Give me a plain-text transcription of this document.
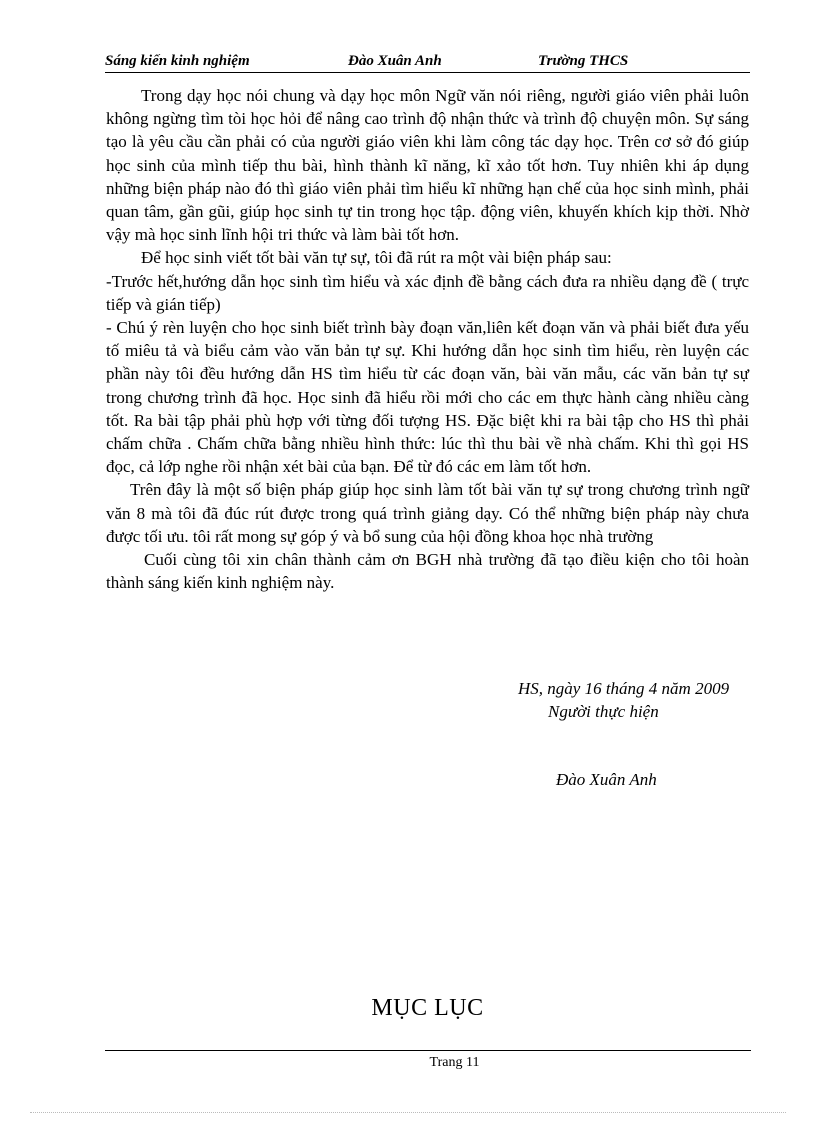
Sáng kiến kinh nghiệm	Đào Xuân Anh	Trường THCS

Trong dạy học nói chung và dạy học môn Ngữ văn nói riêng, người giáo viên phải luôn không ngừng tìm tòi học hỏi để nâng cao trình độ nhận thức và trình độ chuyện môn. Sự sáng tạo là yêu cầu cần phải có của người giáo viên khi làm công tác dạy học. Trên cơ sở đó giúp học sinh của mình tiếp thu bài, hình thành kĩ năng, kĩ xảo tốt hơn. Tuy nhiên khi áp dụng những biện pháp nào đó thì giáo viên phải tìm hiểu kĩ những hạn chế của học sinh mình, phải quan tâm, gần gũi, giúp học sinh tự tin trong học tập. động viên, khuyến khích kịp thời. Nhờ vậy mà học sinh lĩnh hội tri thức và làm bài tốt hơn.

Để học sinh viết tốt bài văn tự sự, tôi đã rút ra một vài biện pháp sau:

-Trước hết,hướng dẫn học sinh tìm hiểu và xác định đề bằng cách đưa ra nhiều dạng đề ( trực tiếp và gián tiếp)

- Chú ý rèn luyện cho học sinh biết trình bày đoạn văn,liên kết đoạn văn và phải biết đưa yếu tố miêu tả và biểu cảm vào văn bản tự sự. Khi hướng dẫn học sinh tìm hiểu, rèn luyện các phần này tôi đều hướng dẫn HS tìm hiểu từ các đoạn văn, bài văn mẫu, các văn bản tự sự trong chương trình đã học. Học sinh đã hiểu rồi mới cho các em thực hành càng nhiều càng tốt. Ra bài tập phải phù hợp với từng đối tượng HS. Đặc biệt khi ra bài tập cho HS thì phải chấm chữa . Chấm chữa bằng nhiều hình thức: lúc thì thu bài về nhà chấm. Khi thì gọi HS đọc, cả lớp nghe rồi nhận xét bài của bạn. Để từ đó các em làm tốt hơn.

Trên đây là một số biện pháp giúp học sinh làm tốt bài văn tự sự trong chương trình ngữ văn 8 mà tôi đã đúc rút được trong quá trình giảng dạy. Có thể những biện pháp này chưa được tối ưu. tôi rất mong sự góp ý và bổ sung của hội đồng khoa học nhà trường

Cuối cùng tôi xin chân thành cảm ơn BGH nhà trường đã tạo điều kiện cho tôi hoàn thành sáng kiến kinh nghiệm này.

HS, ngày 16 tháng 4 năm 2009
Người thực hiện
Đào Xuân Anh
MỤC LỤC
Trang 11
